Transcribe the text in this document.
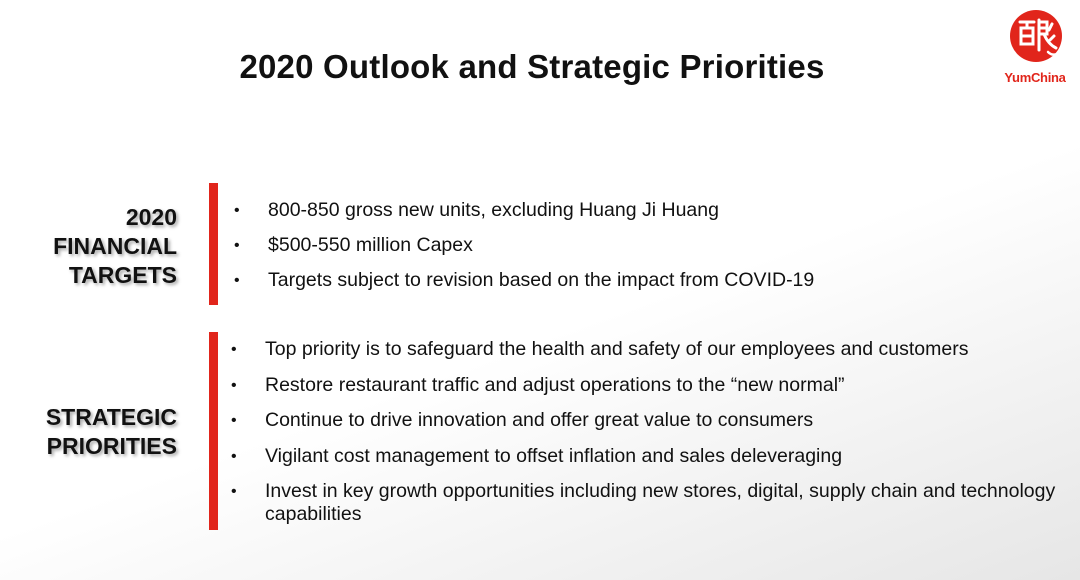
2020 Outlook and Strategic Priorities	YumChina
2020
FINANCIAL
TARGETS
• 800-850 gross new units, excluding Huang Ji Huang
• $500-550 million Capex
• Targets subject to revision based on the impact from COVID-19
STRATEGIC
PRIORITIES
• Top priority is to safeguard the health and safety of our employees and customers
• Restore restaurant traffic and adjust operations to the “new normal”
• Continue to drive innovation and offer great value to consumers
• Vigilant cost management to offset inflation and sales deleveraging
• Invest in key growth opportunities including new stores, digital, supply chain and technology capabilities
